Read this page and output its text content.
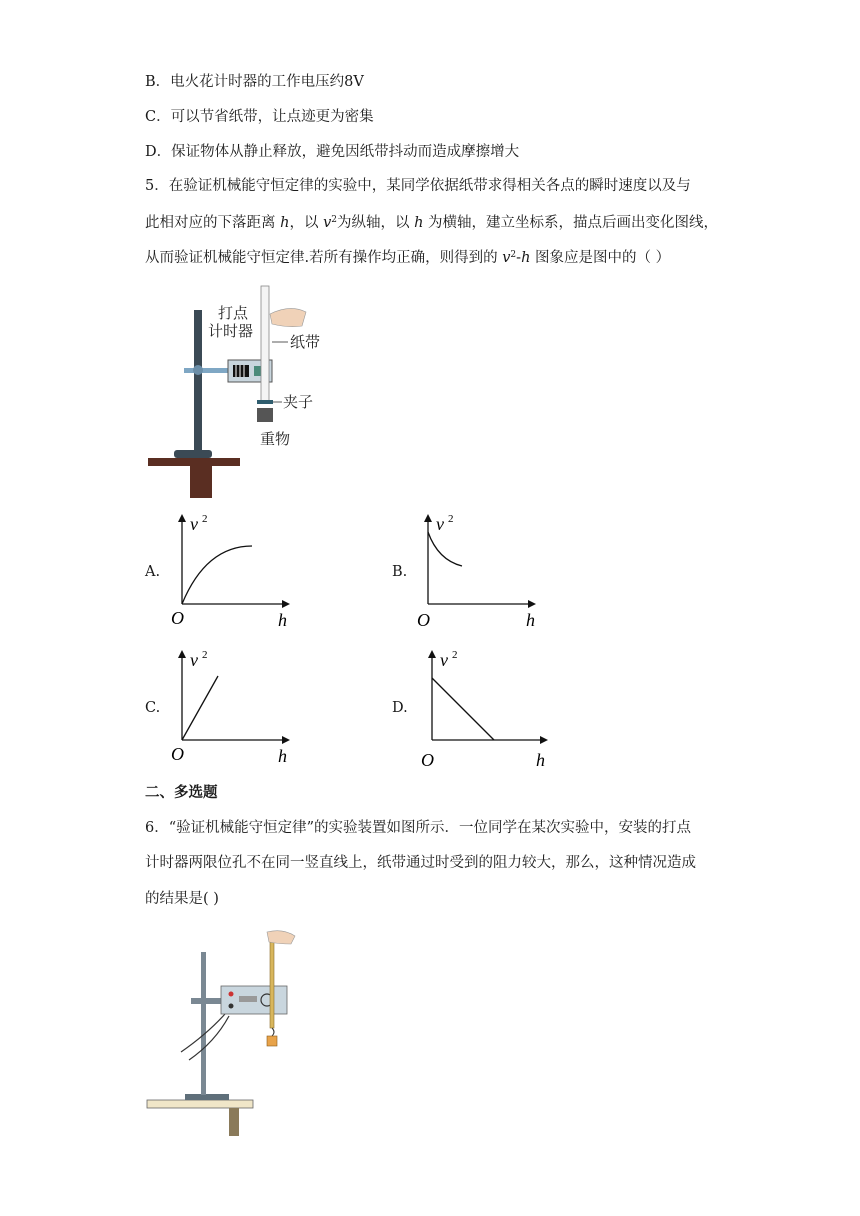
B．电火花计时器的工作电压约8V
C．可以节省纸带，让点迹更为密集
D．保证物体从静止释放，避免因纸带抖动而造成摩擦增大
5．在验证机械能守恒定律的实验中，某同学依据纸带求得相关各点的瞬时速度以及与
此相对应的下落距离 h，以 $v^2$为纵轴，以 h 为横轴，建立坐标系，描点后画出变化图线，
从而验证机械能守恒定律.若所有操作均正确，则得到的 $v^2-h$ 图象应是图中的（ ）
打点
计时器
纸带
夹子
重物
A.	B.
C.	D.
v 2
h
O
v 2
h
O
v 2
h
O
v 2
h
O
二、多选题
6．“验证机械能守恒定律”的实验装置如图所示．一位同学在某次实验中，安装的打点
计时器两限位孔不在同一竖直线上，纸带通过时受到的阻力较大，那么，这种情况造成
的结果是( )
